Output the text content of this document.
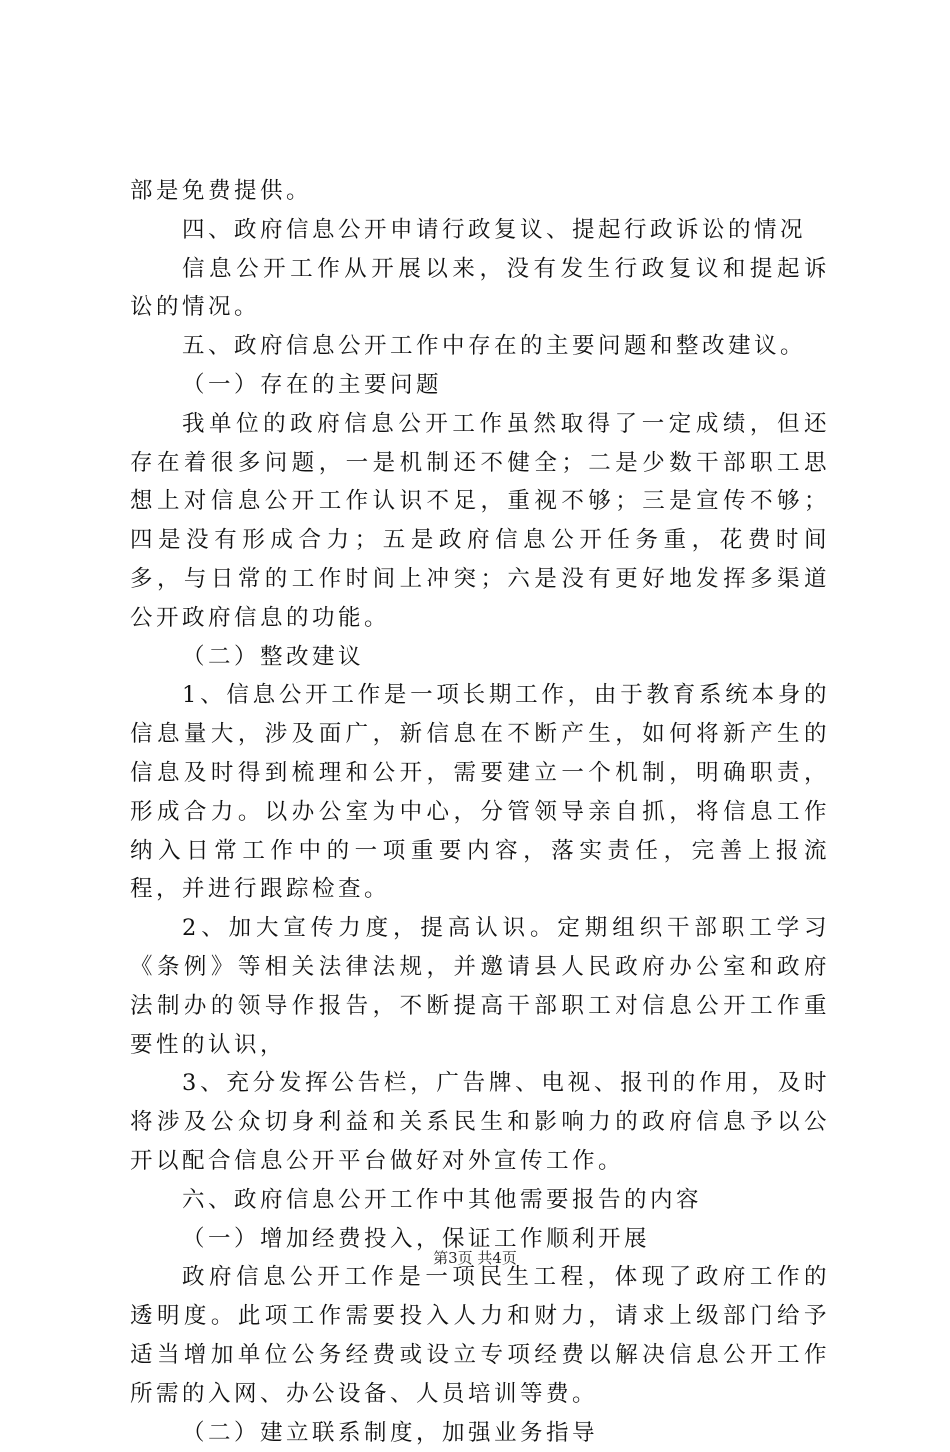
部是免费提供。

四、政府信息公开申请行政复议、提起行政诉讼的情况

信息公开工作从开展以来，没有发生行政复议和提起诉讼的情况。

五、政府信息公开工作中存在的主要问题和整改建议。

（一）存在的主要问题

我单位的政府信息公开工作虽然取得了一定成绩，但还存在着很多问题，一是机制还不健全；二是少数干部职工思想上对信息公开工作认识不足，重视不够；三是宣传不够；四是没有形成合力；五是政府信息公开任务重，花费时间多，与日常的工作时间上冲突；六是没有更好地发挥多渠道公开政府信息的功能。

（二）整改建议

1、信息公开工作是一项长期工作，由于教育系统本身的信息量大，涉及面广，新信息在不断产生，如何将新产生的信息及时得到梳理和公开，需要建立一个机制，明确职责，形成合力。以办公室为中心，分管领导亲自抓，将信息工作纳入日常工作中的一项重要内容，落实责任，完善上报流程，并进行跟踪检查。

2、加大宣传力度，提高认识。定期组织干部职工学习《条例》等相关法律法规，并邀请县人民政府办公室和政府法制办的领导作报告，不断提高干部职工对信息公开工作重要性的认识，

3、充分发挥公告栏，广告牌、电视、报刊的作用，及时将涉及公众切身利益和关系民生和影响力的政府信息予以公开以配合信息公开平台做好对外宣传工作。

六、政府信息公开工作中其他需要报告的内容

（一）增加经费投入，保证工作顺利开展

政府信息公开工作是一项民生工程，体现了政府工作的透明度。此项工作需要投入人力和财力，请求上级部门给予适当增加单位公务经费或设立专项经费以解决信息公开工作所需的入网、办公设备、人员培训等费。

（二）建立联系制度，加强业务指导

第3页 共4页
